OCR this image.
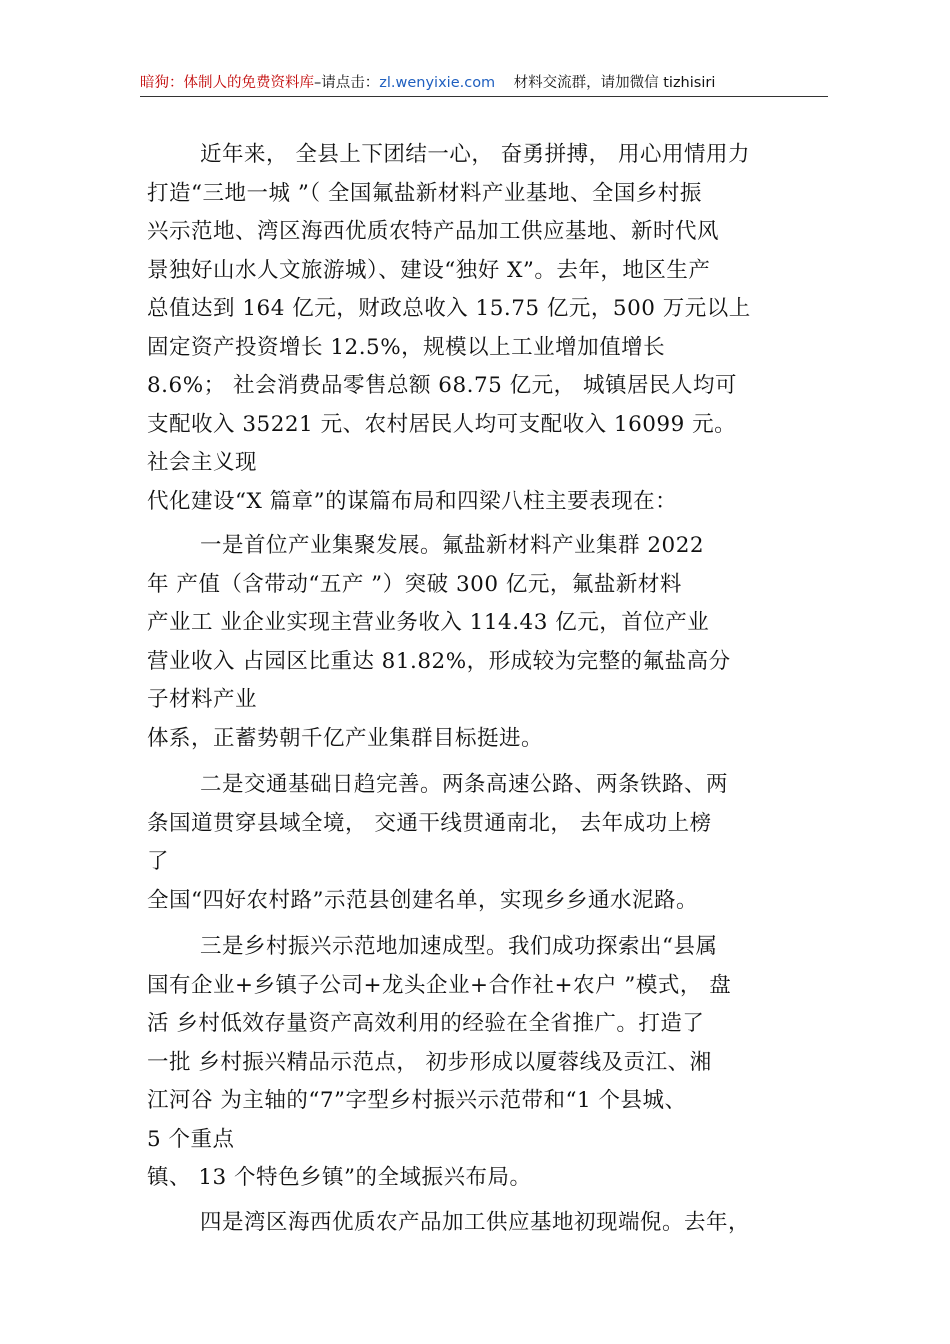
暗狗：体制人的免费资料库–请点击：zl.wenyixie.com 材料交流群，请加微信 tizhisiri
近年来， 全县上下团结一心， 奋勇拼搏， 用心用情用力
打造“三地一城 ”（ 全国氟盐新材料产业基地、全国乡村振
兴示范地、湾区海西优质农特产品加工供应基地、新时代风
景独好山水人文旅游城）、建设“独好 X”。去年，地区生产
总值达到 164 亿元，财政总收入 15.75 亿元，500 万元以上
固定资产投资增长 12.5%，规模以上工业增加值增长
8.6%； 社会消费品零售总额 68.75 亿元， 城镇居民人均可
支配收入 35221 元、农村居民人均可支配收入 16099 元。
社会主义现
代化建设“X 篇章”的谋篇布局和四梁八柱主要表现在：
一是首位产业集聚发展。氟盐新材料产业集群 2022
年 产值（含带动“五产 ”）突破 300 亿元，氟盐新材料
产业工 业企业实现主营业务收入 114.43 亿元，首位产业
营业收入 占园区比重达 81.82%，形成较为完整的氟盐高分
子材料产业
体系，正蓄势朝千亿产业集群目标挺进。
二是交通基础日趋完善。两条高速公路、两条铁路、两
条国道贯穿县域全境， 交通干线贯通南北， 去年成功上榜
了
全国“四好农村路”示范县创建名单，实现乡乡通水泥路。
三是乡村振兴示范地加速成型。我们成功探索出“县属
国有企业+乡镇子公司+龙头企业+合作社+农户 ”模式， 盘
活 乡村低效存量资产高效利用的经验在全省推广。打造了
一批 乡村振兴精品示范点， 初步形成以厦蓉线及贡江、湘
江河谷 为主轴的“7”字型乡村振兴示范带和“1 个县城、
5 个重点
镇、 13 个特色乡镇”的全域振兴布局。
四是湾区海西优质农产品加工供应基地初现端倪。去年，
